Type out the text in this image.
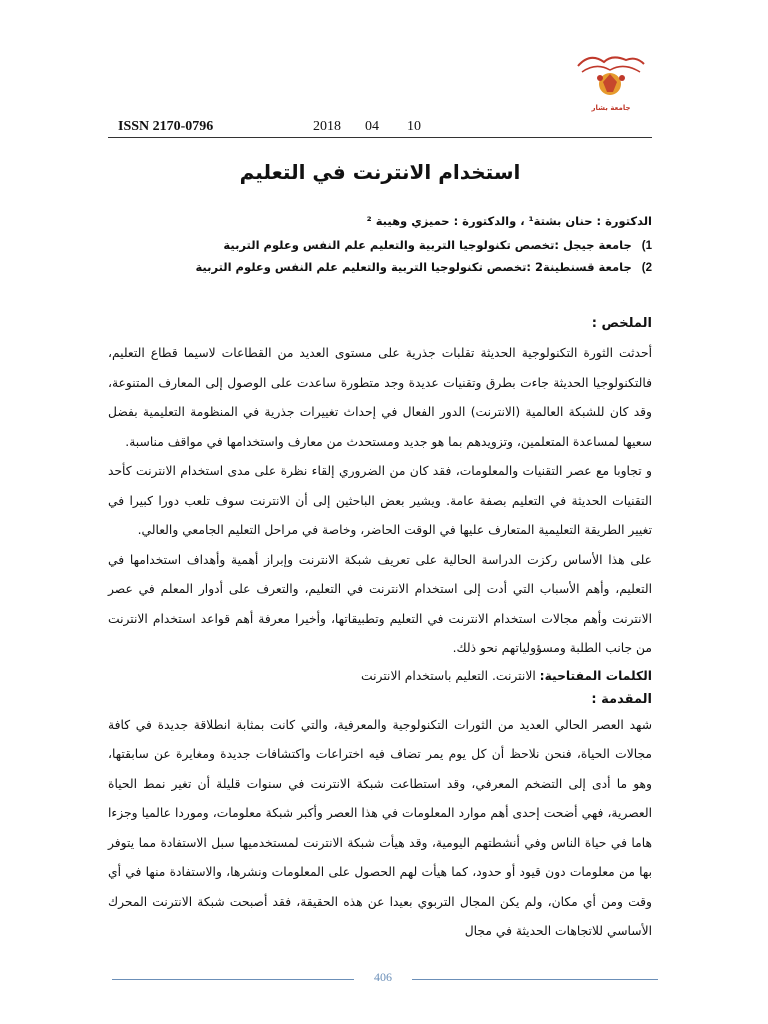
جامعة بشار
ISSN 2170-0796	2018 04 10
استخدام الانترنت في التعليم
الدكتورة : حنان بشتة¹ ، والدكتورة : حميزي وهيبة ²
1) جامعة جيجل :تخصص تكنولوجيا التربية والتعليم علم النفس وعلوم التربية
2) جامعة قسنطينة2 :تخصص تكنولوجيا التربية والتعليم علم النفس وعلوم التربية
الملخص :

أحدثت الثورة التكنولوجية الحديثة تقلبات جذرية على مستوى العديد من القطاعات لاسيما قطاع التعليم، فالتكنولوجيا الحديثة جاءت بطرق وتقنيات عديدة وجد متطورة ساعدت على الوصول إلى المعارف المتنوعة، وقد كان للشبكة العالمية (الانترنت) الدور الفعال في إحداث تغييرات جذرية في المنظومة التعليمية بفضل سعيها لمساعدة المتعلمين، وتزويدهم بما هو جديد ومستحدث من معارف واستخدامها في مواقف مناسبة.

و تجاوبا مع عصر التقنيات والمعلومات، فقد كان من الضروري إلقاء نظرة على مدى استخدام الانترنت كأحد التقنيات الحديثة في التعليم بصفة عامة. ويشير بعض الباحثين إلى أن الانترنت سوف تلعب دورا كبيرا في تغيير الطريقة التعليمية المتعارف عليها في الوقت الحاضر، وخاصة في مراحل التعليم الجامعي والعالي.

على هذا الأساس ركزت الدراسة الحالية على تعريف شبكة الانترنت وإبراز أهمية وأهداف استخدامها في التعليم، وأهم الأسباب التي أدت إلى استخدام الانترنت في التعليم، والتعرف على أدوار المعلم في عصر الانترنت وأهم مجالات استخدام الانترنت في التعليم وتطبيقاتها، وأخيرا معرفة أهم قواعد استخدام الانترنت من جانب الطلبة ومسؤولياتهم نحو ذلك.

الكلمات المفتاحية: الانترنت. التعليم باستخدام الانترنت

المقدمة :

شهد العصر الحالي العديد من الثورات التكنولوجية والمعرفية، والتي كانت بمثابة انطلاقة جديدة في كافة مجالات الحياة، فنحن نلاحظ أن كل يوم يمر تضاف فيه اختراعات واكتشافات جديدة ومغايرة عن سابقتها، وهو ما أدى إلى التضخم المعرفي، وقد استطاعت شبكة الانترنت في سنوات قليلة أن تغير نمط الحياة العصرية، فهي أضحت إحدى أهم موارد المعلومات في هذا العصر وأكبر شبكة معلومات، وموردا عالميا وجزءا هاما في حياة الناس وفي أنشطتهم اليومية، وقد هيأت شبكة الانترنت لمستخدميها سبل الاستفادة مما يتوفر بها من معلومات دون قيود أو حدود، كما هيأت لهم الحصول على المعلومات ونشرها، والاستفادة منها في أي وقت ومن أي مكان، ولم يكن المجال التربوي بعيدا عن هذه الحقيقة، فقد أصبحت شبكة الانترنت المحرك الأساسي للاتجاهات الحديثة في مجال

406
